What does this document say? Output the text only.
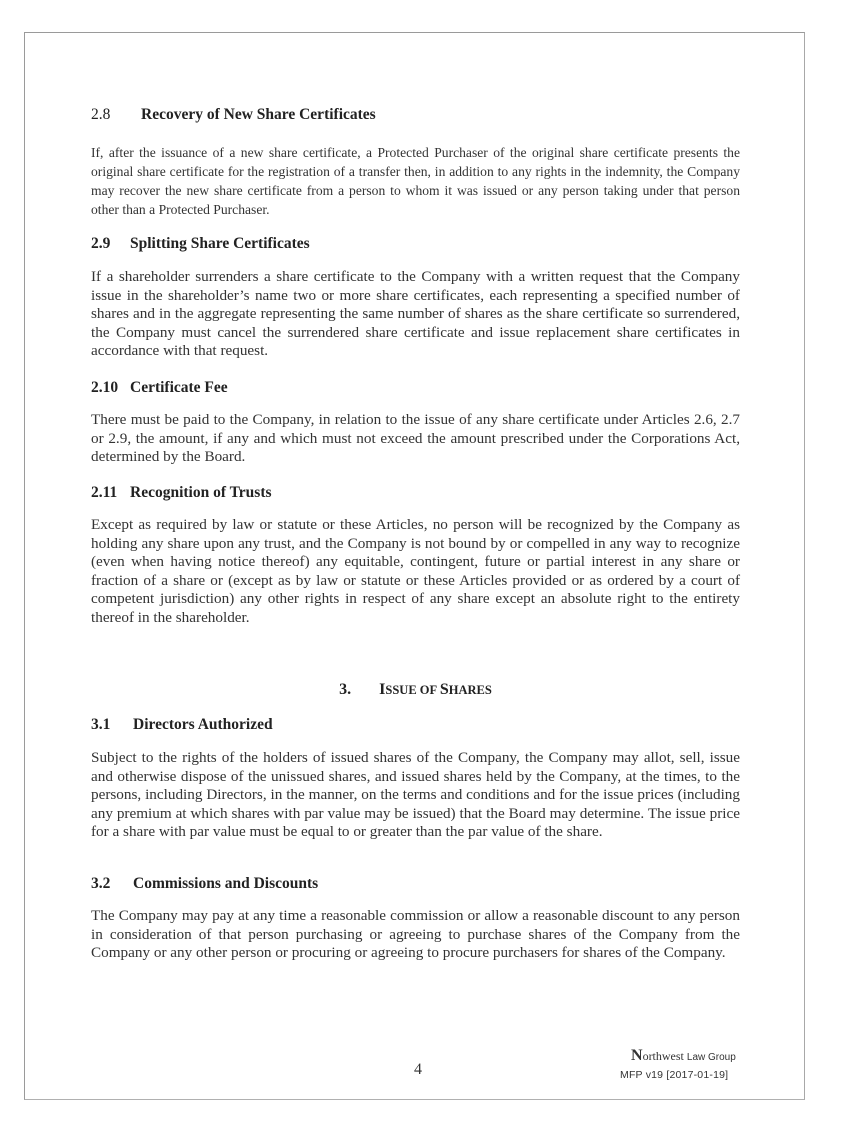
2.8 Recovery of New Share Certificates
If, after the issuance of a new share certificate, a Protected Purchaser of the original share certificate presents the original share certificate for the registration of a transfer then, in addition to any rights in the indemnity, the Company may recover the new share certificate from a person to whom it was issued or any person taking under that person other than a Protected Purchaser.
2.9 Splitting Share Certificates
If a shareholder surrenders a share certificate to the Company with a written request that the Company issue in the shareholder’s name two or more share certificates, each representing a specified number of shares and in the aggregate representing the same number of shares as the share certificate so surrendered, the Company must cancel the surrendered share certificate and issue replacement share certificates in accordance with that request.
2.10 Certificate Fee
There must be paid to the Company, in relation to the issue of any share certificate under Articles 2.6, 2.7 or 2.9, the amount, if any and which must not exceed the amount prescribed under the Corporations Act, determined by the Board.
2.11 Recognition of Trusts
Except as required by law or statute or these Articles, no person will be recognized by the Company as holding any share upon any trust, and the Company is not bound by or compelled in any way to recognize (even when having notice thereof) any equitable, contingent, future or partial interest in any share or fraction of a share or (except as by law or statute or these Articles provided or as ordered by a court of competent jurisdiction) any other rights in respect of any share except an absolute right to the entirety thereof in the shareholder.
3. ISSUE OF SHARES
3.1 Directors Authorized
Subject to the rights of the holders of issued shares of the Company, the Company may allot, sell, issue and otherwise dispose of the unissued shares, and issued shares held by the Company, at the times, to the persons, including Directors, in the manner, on the terms and conditions and for the issue prices (including any premium at which shares with par value may be issued) that the Board may determine. The issue price for a share with par value must be equal to or greater than the par value of the share.
3.2 Commissions and Discounts
The Company may pay at any time a reasonable commission or allow a reasonable discount to any person in consideration of that person purchasing or agreeing to purchase shares of the Company from the Company or any other person or procuring or agreeing to procure purchasers for shares of the Company.
4
Northwest Law Group
MFP v19 [2017-01-19]
